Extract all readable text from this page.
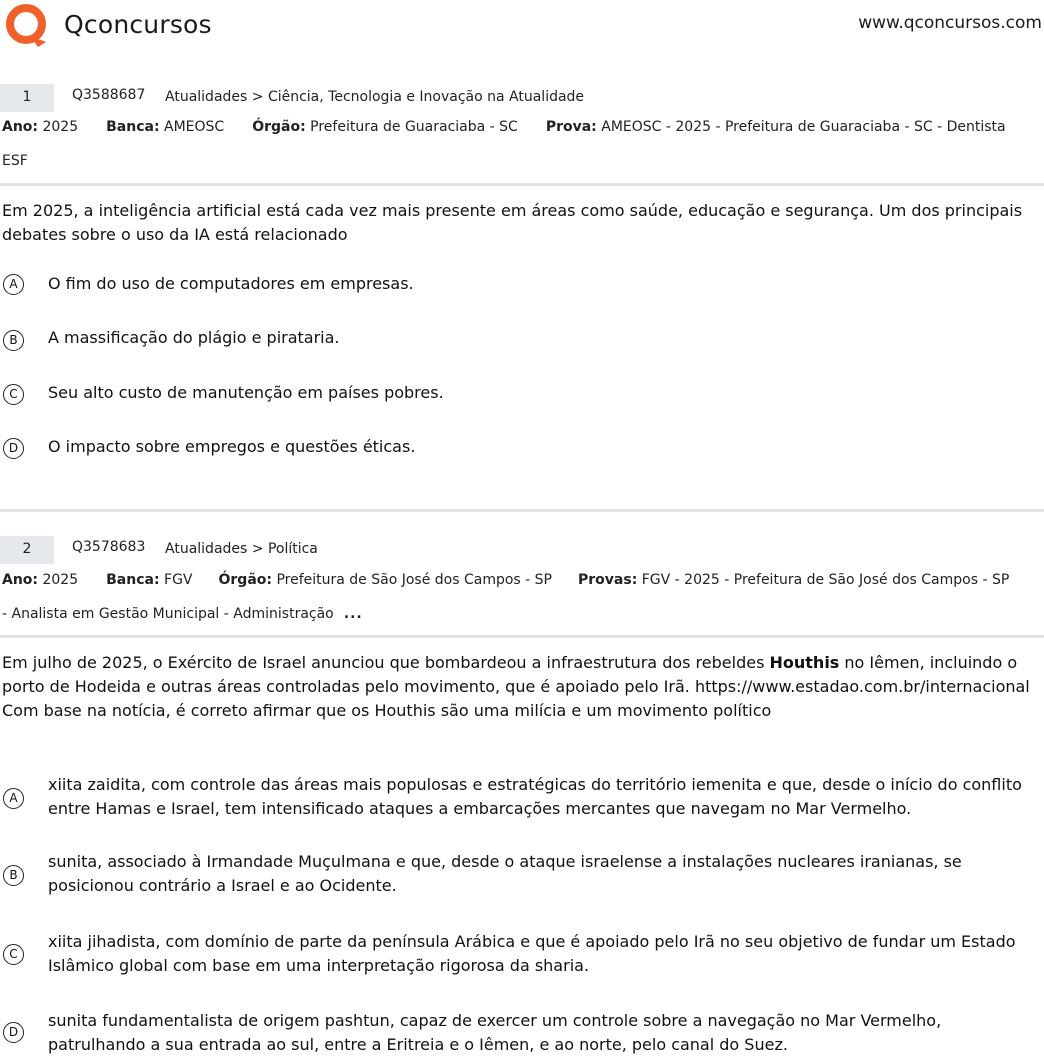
Qconcursos	www.qconcursos.com
1	Q3588687 Atualidades > Ciência, Tecnologia e Inovação na Atualidade
Ano: 2025 Banca: AMEOSC Órgão: Prefeitura de Guaraciaba - SC Prova: AMEOSC - 2025 - Prefeitura de Guaraciaba - SC - Dentista
ESF
Em 2025, a inteligência artificial está cada vez mais presente em áreas como saúde, educação e segurança. Um dos principais debates sobre o uso da IA está relacionado
A	O fim do uso de computadores em empresas.
B	A massificação do plágio e pirataria.
C	Seu alto custo de manutenção em países pobres.
D	O impacto sobre empregos e questões éticas.
2	Q3578683 Atualidades > Política
Ano: 2025 Banca: FGV Órgão: Prefeitura de São José dos Campos - SP Provas: FGV - 2025 - Prefeitura de São José dos Campos - SP
- Analista em Gestão Municipal - Administração ...
Em julho de 2025, o Exército de Israel anunciou que bombardeou a infraestrutura dos rebeldes Houthis no Iêmen, incluindo o porto de Hodeida e outras áreas controladas pelo movimento, que é apoiado pelo Irã. https://www.estadao.com.br/internacional Com base na notícia, é correto afirmar que os Houthis são uma milícia e um movimento político
A
xiita zaidita, com controle das áreas mais populosas e estratégicas do território iemenita e que, desde o início do conflito entre Hamas e Israel, tem intensificado ataques a embarcações mercantes que navegam no Mar Vermelho.
B
sunita, associado à Irmandade Muçulmana e que, desde o ataque israelense a instalações nucleares iranianas, se posicionou contrário a Israel e ao Ocidente.
C
xiita jihadista, com domínio de parte da península Arábica e que é apoiado pelo Irã no seu objetivo de fundar um Estado Islâmico global com base em uma interpretação rigorosa da sharia.
D
sunita fundamentalista de origem pashtun, capaz de exercer um controle sobre a navegação no Mar Vermelho, patrulhando a sua entrada ao sul, entre a Eritreia e o Iêmen, e ao norte, pelo canal do Suez.
